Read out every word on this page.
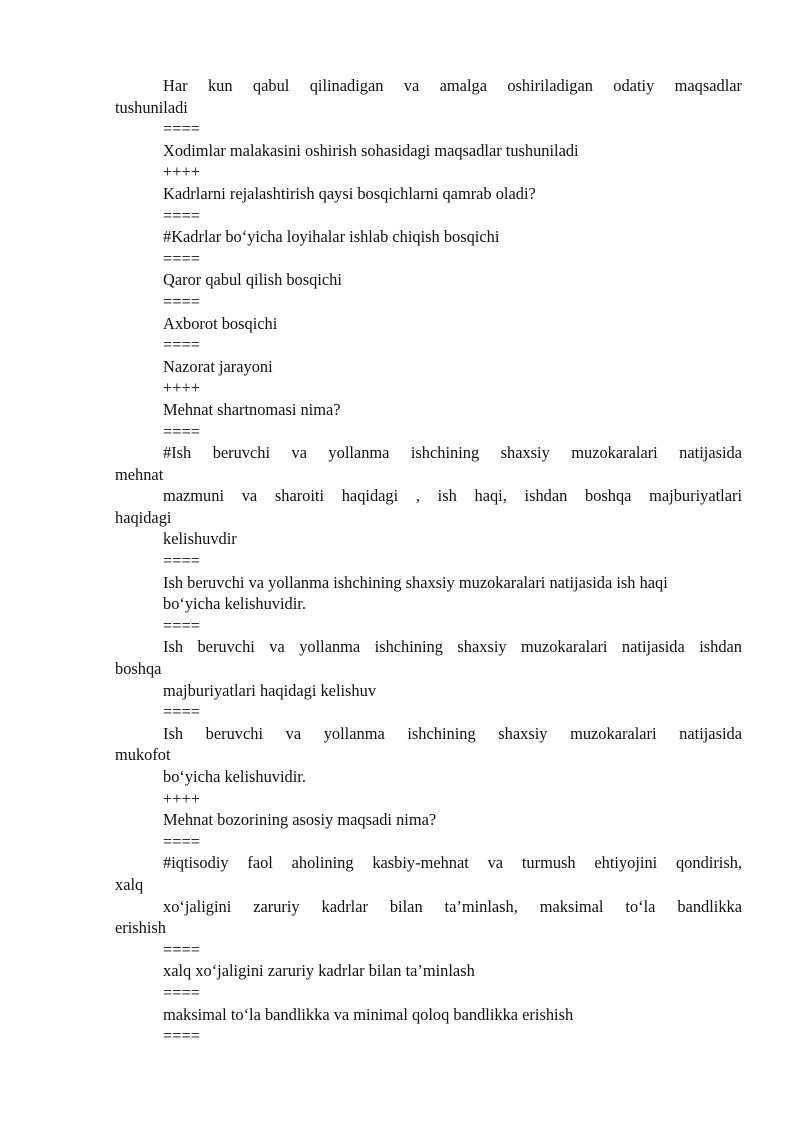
Har kun qabul qilinadigan va amalga oshiriladigan odatiy maqsadlar
tushuniladi
====
Xodimlar malakasini oshirish sohasidagi maqsadlar tushuniladi
++++
Kadrlarni rejalashtirish qaysi bosqichlarni qamrab oladi?
====
#Kadrlar bo‘yicha loyihalar ishlab chiqish bosqichi
====
Qaror qabul qilish bosqichi
====
Axborot bosqichi
====
Nazorat jarayoni
++++
Mehnat shartnomasi nima?
====
#Ish beruvchi va yollanma ishchining shaxsiy muzokaralari natijasida
mehnat
mazmuni va sharoiti haqidagi , ish haqi, ishdan boshqa majburiyatlari
haqidagi
kelishuvdir
====
Ish beruvchi va yollanma ishchining shaxsiy muzokaralari natijasida ish haqi
bo‘yicha kelishuvidir.
====
Ish beruvchi va yollanma ishchining shaxsiy muzokaralari natijasida ishdan
boshqa
majburiyatlari haqidagi kelishuv
====
Ish beruvchi va yollanma ishchining shaxsiy muzokaralari natijasida
mukofot
bo‘yicha kelishuvidir.
++++
Mehnat bozorining asosiy maqsadi nima?
====
#iqtisodiy faol aholining kasbiy-mehnat va turmush ehtiyojini qondirish,
xalq
xo‘jaligini zaruriy kadrlar bilan ta’minlash, maksimal to‘la bandlikka
erishish
====
xalq xo‘jaligini zaruriy kadrlar bilan ta’minlash
====
maksimal to‘la bandlikka va minimal qoloq bandlikka erishish
====
